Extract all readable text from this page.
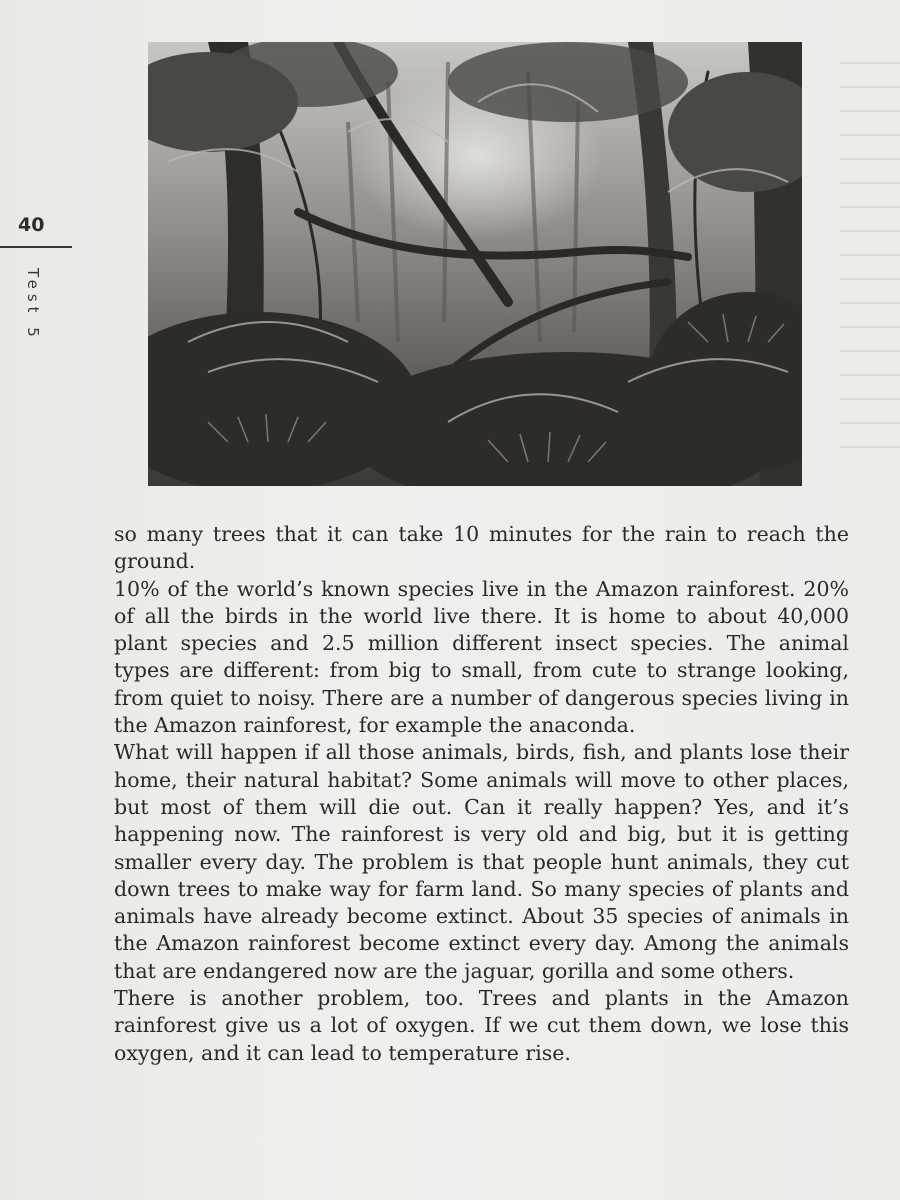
40
Test 5

so many trees that it can take 10 minutes for the rain to reach the ground.

10% of the world’s known species live in the Amazon rainforest. 20% of all the birds in the world live there. It is home to about 40,000 plant species and 2.5 million different insect species. The animal types are different: from big to small, from cute to strange looking, from quiet to noisy. There are a number of dangerous species living in the Amazon rainforest, for example the anaconda.

What will happen if all those animals, birds, fish, and plants lose their home, their natural habitat? Some animals will move to other places, but most of them will die out. Can it really happen? Yes, and it’s happening now. The rainforest is very old and big, but it is getting smaller every day. The problem is that people hunt animals, they cut down trees to make way for farm land. So many species of plants and animals have already become extinct. About 35 species of animals in the Amazon rainforest become extinct every day. Among the animals that are endangered now are the jaguar, gorilla and some others.

There is another problem, too. Trees and plants in the Amazon rainforest give us a lot of oxygen. If we cut them down, we lose this oxygen, and it can lead to temperature rise.
